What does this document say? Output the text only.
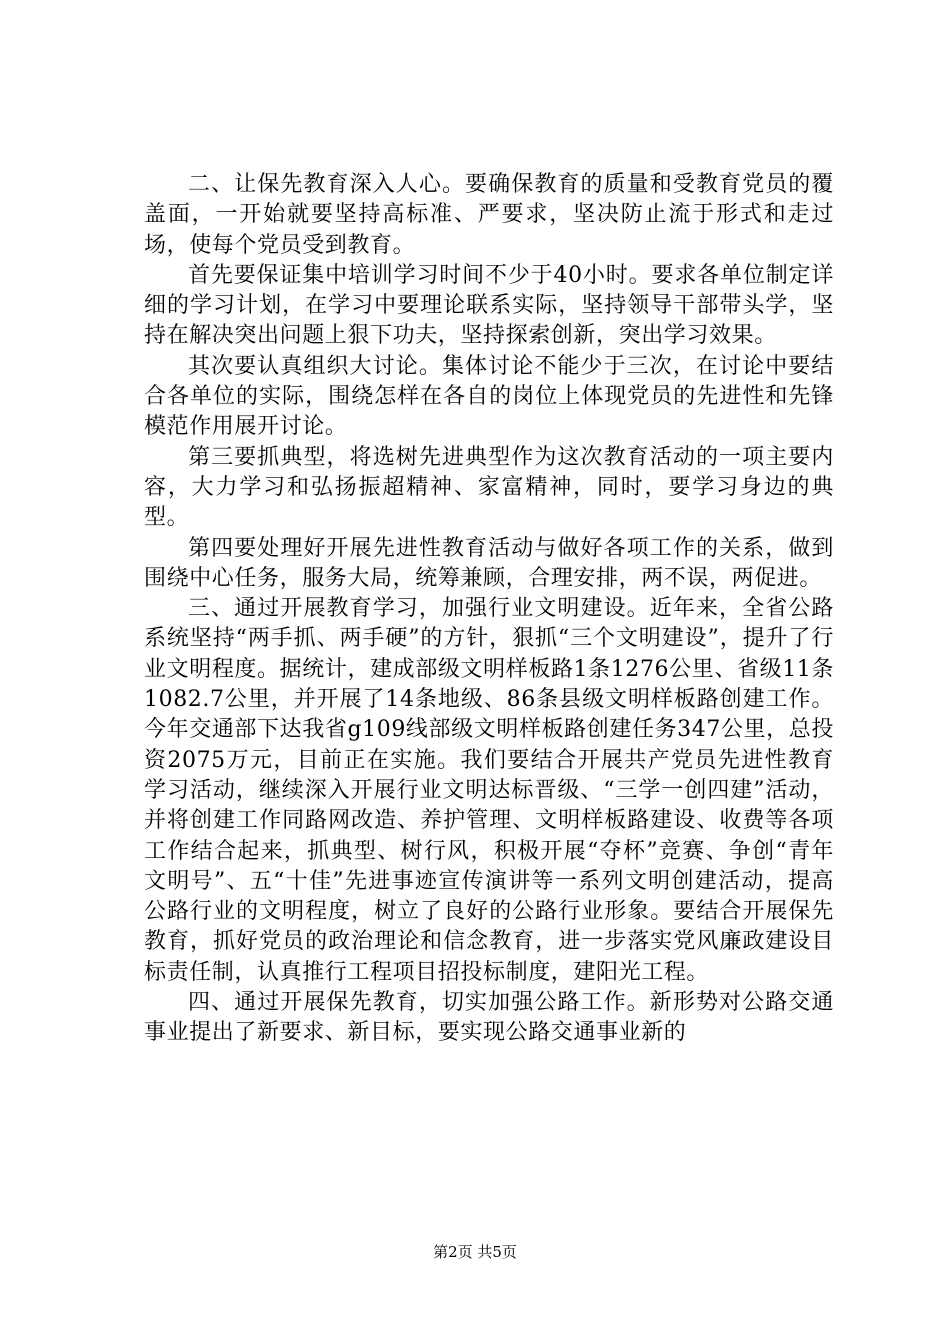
二、让保先教育深入人心。要确保教育的质量和受教育党员的覆盖面，一开始就要坚持高标准、严要求，坚决防止流于形式和走过场，使每个党员受到教育。

首先要保证集中培训学习时间不少于40小时。要求各单位制定详细的学习计划，在学习中要理论联系实际，坚持领导干部带头学，坚持在解决突出问题上狠下功夫，坚持探索创新，突出学习效果。

其次要认真组织大讨论。集体讨论不能少于三次，在讨论中要结合各单位的实际，围绕怎样在各自的岗位上体现党员的先进性和先锋模范作用展开讨论。

第三要抓典型，将选树先进典型作为这次教育活动的一项主要内容，大力学习和弘扬振超精神、家富精神，同时，要学习身边的典型。

第四要处理好开展先进性教育活动与做好各项工作的关系，做到围绕中心任务，服务大局，统筹兼顾，合理安排，两不误，两促进。

三、通过开展教育学习，加强行业文明建设。近年来，全省公路系统坚持“两手抓、两手硬”的方针，狠抓“三个文明建设”，提升了行业文明程度。据统计，建成部级文明样板路1条1276公里、省级11条1082.7公里，并开展了14条地级、86条县级文明样板路创建工作。今年交通部下达我省g109线部级文明样板路创建任务347公里，总投资2075万元，目前正在实施。我们要结合开展共产党员先进性教育学习活动，继续深入开展行业文明达标晋级、“三学一创四建”活动，并将创建工作同路网改造、养护管理、文明样板路建设、收费等各项工作结合起来，抓典型、树行风，积极开展“夺杯”竞赛、争创“青年文明号”、五“十佳”先进事迹宣传演讲等一系列文明创建活动，提高公路行业的文明程度，树立了良好的公路行业形象。要结合开展保先教育，抓好党员的政治理论和信念教育，进一步落实党风廉政建设目标责任制，认真推行工程项目招投标制度，建阳光工程。

四、通过开展保先教育，切实加强公路工作。新形势对公路交通事业提出了新要求、新目标，要实现公路交通事业新的

第2页 共5页
